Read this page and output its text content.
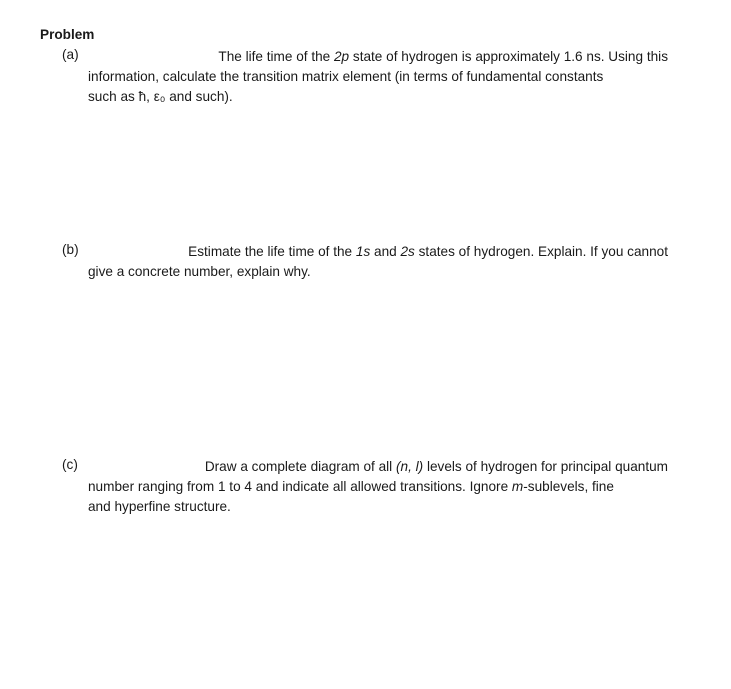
Problem
(a)	The life time of the 2p state of hydrogen is approximately 1.6 ns. Using this
information, calculate the transition matrix element (in terms of fundamental constants
such as ħ, ε₀ and such).
(b)	Estimate the life time of the 1s and 2s states of hydrogen. Explain. If you cannot
give a concrete number, explain why.
(c)	Draw a complete diagram of all (n, l) levels of hydrogen for principal quantum
number ranging from 1 to 4 and indicate all allowed transitions. Ignore m-sublevels, fine
and hyperfine structure.
